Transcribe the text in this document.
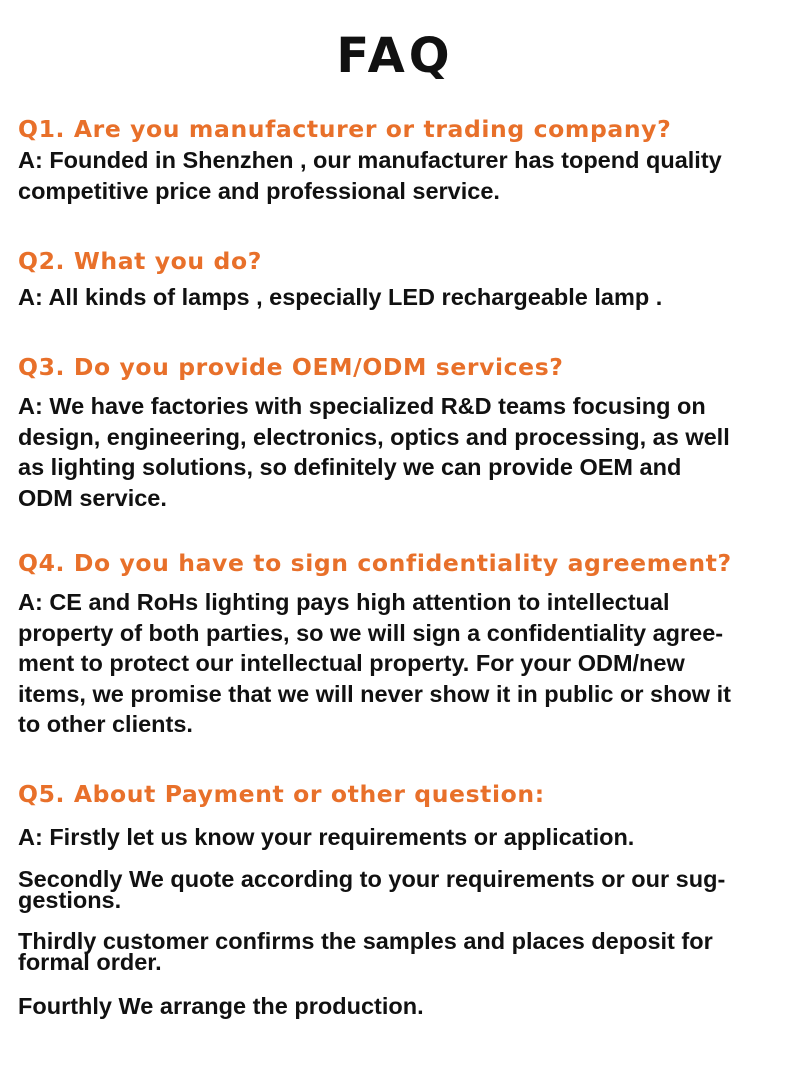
FAQ
Q1. Are you manufacturer or trading company?
A: Founded in Shenzhen , our manufacturer has topend quality
competitive price and professional service.
Q2. What you do?
A: All kinds of lamps , especially LED rechargeable lamp .
Q3. Do you provide OEM/ODM services?
A: We have factories with specialized R&D teams focusing on
design, engineering, electronics, optics and processing, as well
as lighting solutions, so definitely we can provide OEM and
ODM service.
Q4. Do you have to sign confidentiality agreement?
A: CE and RoHs lighting pays high attention to intellectual
property of both parties, so we will sign a confidentiality agree-
ment to protect our intellectual property. For your ODM/new
items, we promise that we will never show it in public or show it
to other clients.
Q5. About Payment or other question:
A: Firstly let us know your requirements or application.
Secondly We quote according to your requirements or our sug-
gestions.
Thirdly customer confirms the samples and places deposit for
formal order.
Fourthly We arrange the production.
